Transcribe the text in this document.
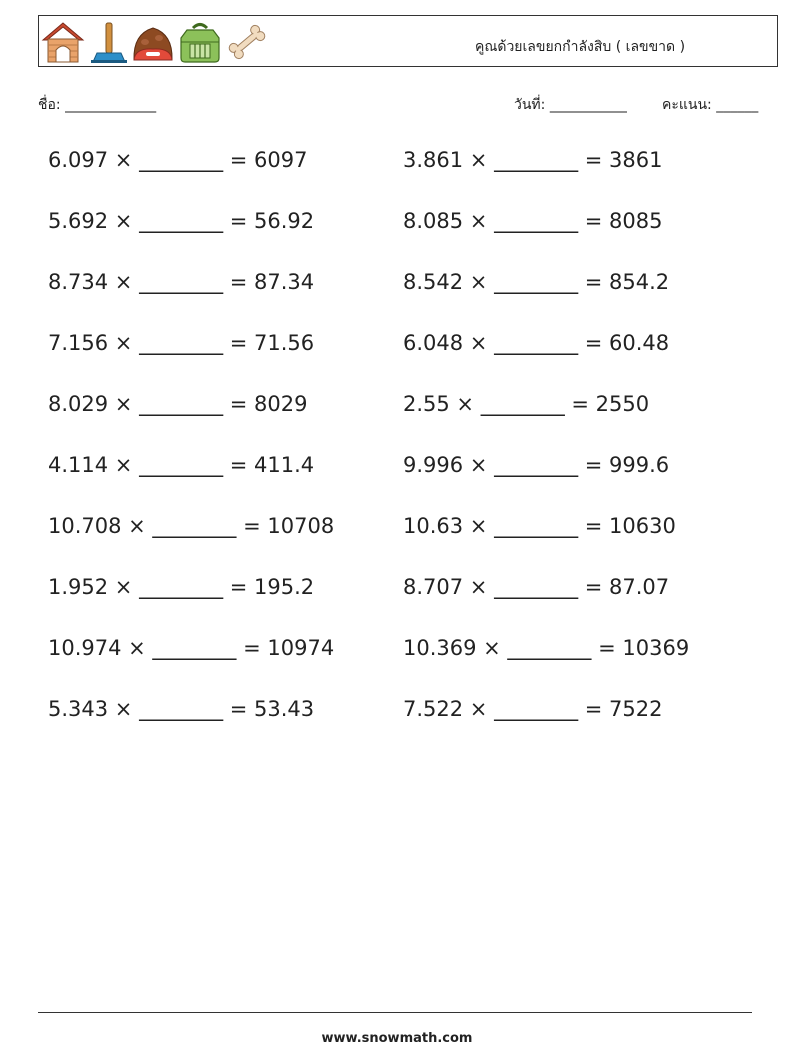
คูณด้วยเลขยกกำลังสิบ ( เลขขาด )
ชื่อ: _____________	วันที่: ___________	คะแนน: ______
6.097 × ________ = 6097
5.692 × ________ = 56.92
8.734 × ________ = 87.34
7.156 × ________ = 71.56
8.029 × ________ = 8029
4.114 × ________ = 411.4
10.708 × ________ = 10708
1.952 × ________ = 195.2
10.974 × ________ = 10974
5.343 × ________ = 53.43
3.861 × ________ = 3861
8.085 × ________ = 8085
8.542 × ________ = 854.2
6.048 × ________ = 60.48
2.55 × ________ = 2550
9.996 × ________ = 999.6
10.63 × ________ = 10630
8.707 × ________ = 87.07
10.369 × ________ = 10369
7.522 × ________ = 7522
www.snowmath.com
